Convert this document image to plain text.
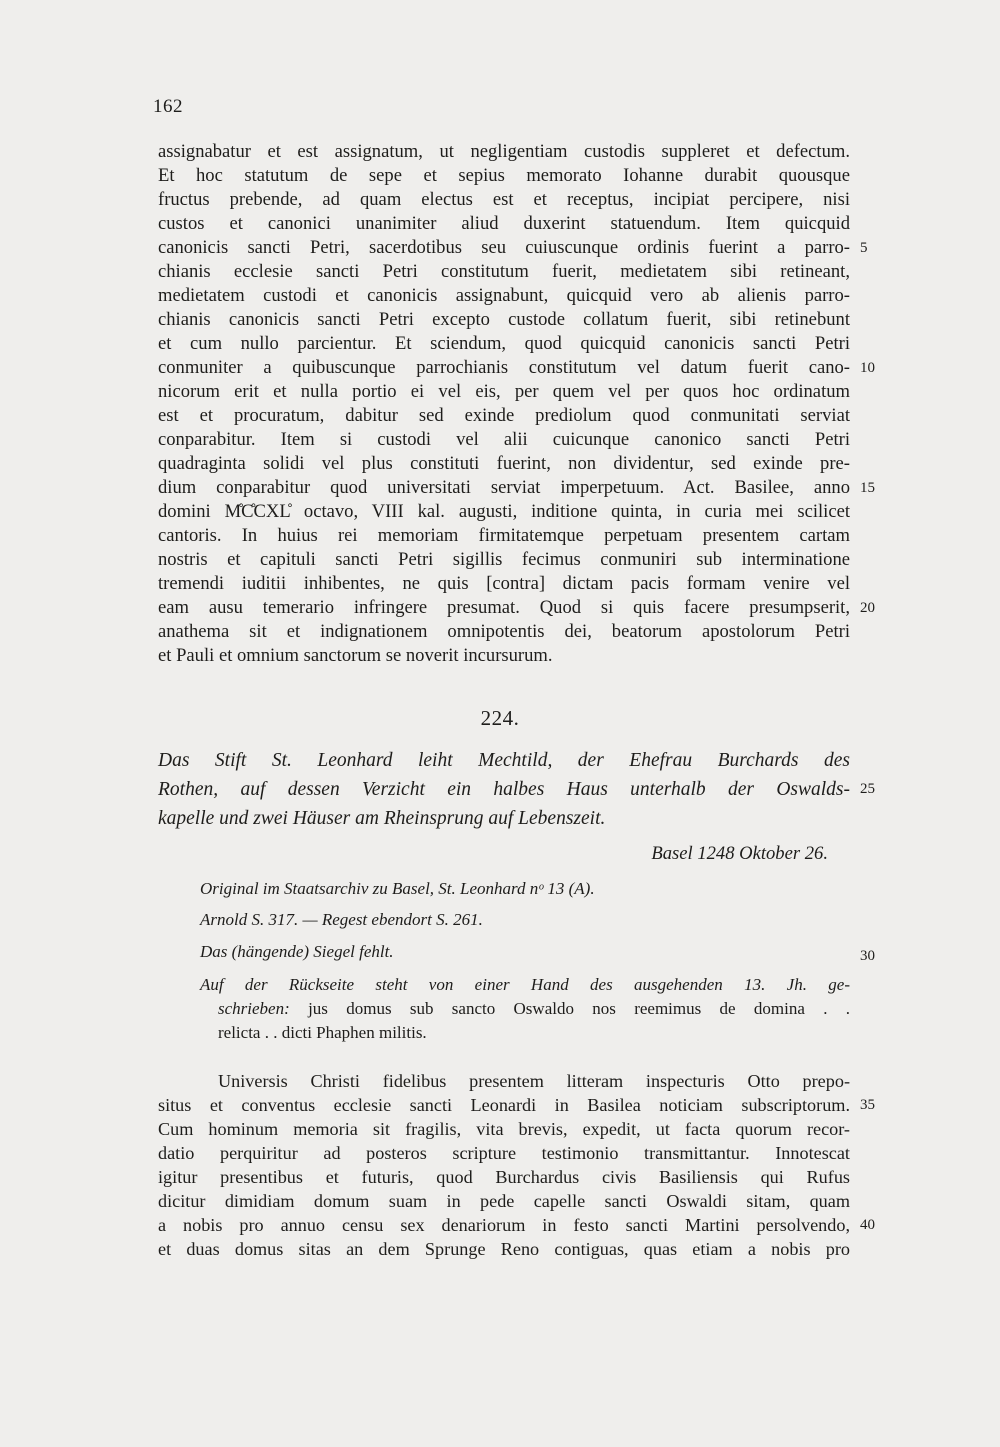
162
assignabatur et est assignatum, ut negligentiam custodis suppleret et defectum.
Et hoc statutum de sepe et sepius memorato Iohanne durabit quousque
fructus prebende, ad quam electus est et receptus, incipiat percipere, nisi
custos et canonici unanimiter aliud duxerint statuendum. Item quicquid
canonicis sancti Petri, sacerdotibus seu cuiuscunque ordinis fuerint a parro-
chianis ecclesie sancti Petri constitutum fuerit, medietatem sibi retineant,
medietatem custodi et canonicis assignabunt, quicquid vero ab alienis parro-
chianis canonicis sancti Petri excepto custode collatum fuerit, sibi retinebunt
et cum nullo parcientur. Et sciendum, quod quicquid canonicis sancti Petri
conmuniter a quibuscunque parrochianis constitutum vel datum fuerit cano-
nicorum erit et nulla portio ei vel eis, per quem vel per quos hoc ordinatum
est et procuratum, dabitur sed exinde prediolum quod conmunitati serviat
conparabitur. Item si custodi vel alii cuicunque canonico sancti Petri
quadraginta solidi vel plus constituti fuerint, non dividentur, sed exinde pre-
dium conparabitur quod universitati serviat imperpetuum. Act. Basilee, anno
domini M̊C̊CXL̊ octavo, VIII kal. augusti, inditione quinta, in curia mei scilicet
cantoris. In huius rei memoriam firmitatemque perpetuam presentem cartam
nostris et capituli sancti Petri sigillis fecimus conmuniri sub interminatione
tremendi iuditii inhibentes, ne quis [contra] dictam pacis formam venire vel
eam ausu temerario infringere presumat. Quod si quis facere presumpserit,
anathema sit et indignationem omnipotentis dei, beatorum apostolorum Petri
et Pauli et omnium sanctorum se noverit incursurum.
224.
Das Stift St. Leonhard leiht Mechtild, der Ehefrau Burchards des
Rothen, auf dessen Verzicht ein halbes Haus unterhalb der Oswalds-
kapelle und zwei Häuser am Rheinsprung auf Lebenszeit.
Basel 1248 Oktober 26.
Original im Staatsarchiv zu Basel, St. Leonhard nᵒ 13 (A).
Arnold S. 317. — Regest ebendort S. 261.
Das (hängende) Siegel fehlt.
Auf der Rückseite steht von einer Hand des ausgehenden 13. Jh. ge-
schrieben: jus domus sub sancto Oswaldo nos reemimus de domina . .
relicta . . dicti Phaphen militis.
Universis Christi fidelibus presentem litteram inspecturis Otto prepo-
situs et conventus ecclesie sancti Leonardi in Basilea noticiam subscriptorum.
Cum hominum memoria sit fragilis, vita brevis, expedit, ut facta quorum recor-
datio perquiritur ad posteros scripture testimonio transmittantur. Innotescat
igitur presentibus et futuris, quod Burchardus civis Basiliensis qui Rufus
dicitur dimidiam domum suam in pede capelle sancti Oswaldi sitam, quam
a nobis pro annuo censu sex denariorum in festo sancti Martini persolvendo,
et duas domus sitas an dem Sprunge Reno contiguas, quas etiam a nobis pro
5
10
15
20
25
30
35
40
